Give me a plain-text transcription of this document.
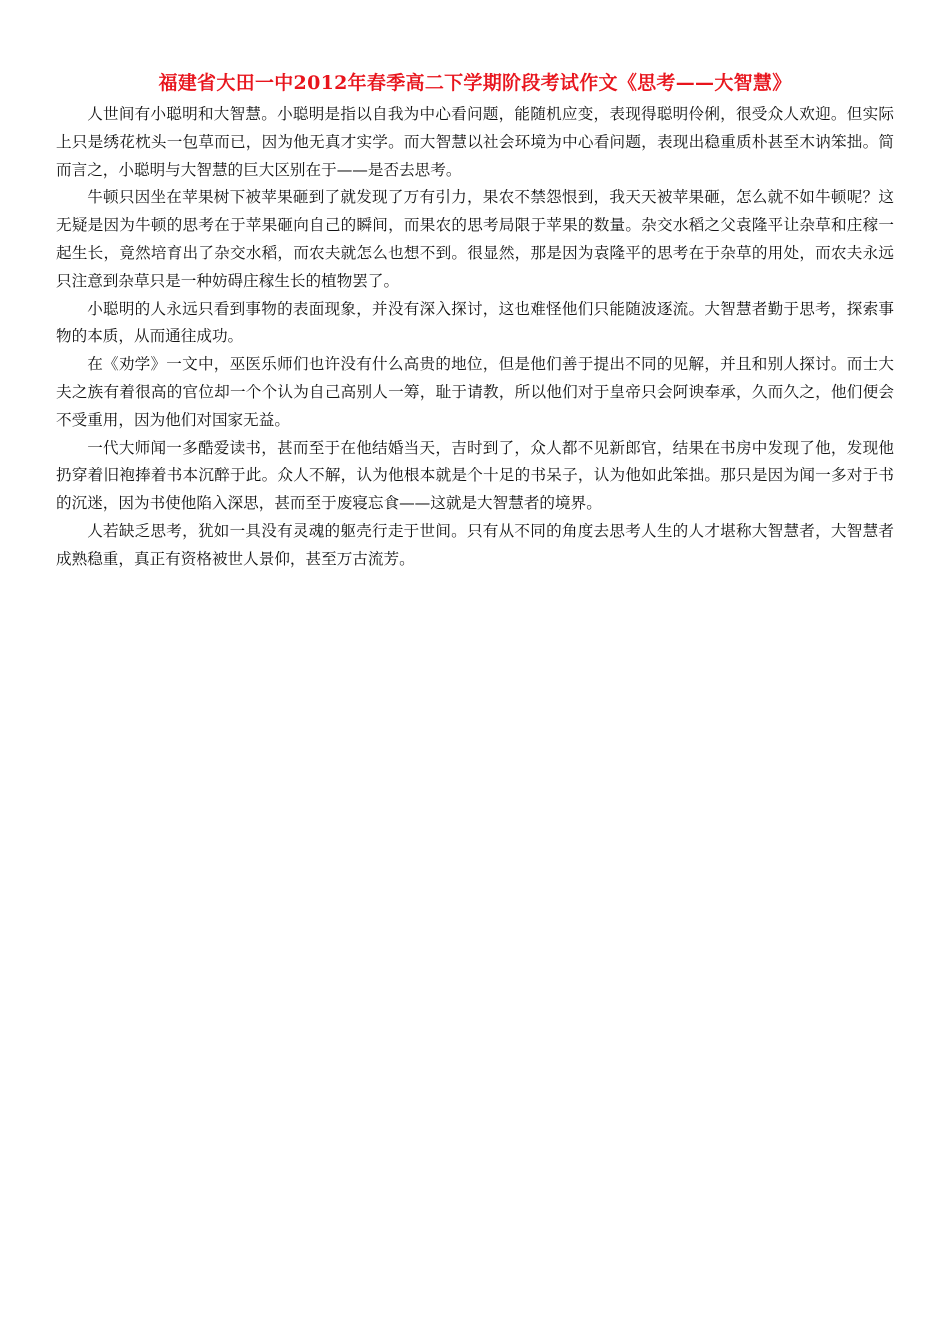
福建省大田一中2012年春季高二下学期阶段考试作文《思考——大智慧》

人世间有小聪明和大智慧。小聪明是指以自我为中心看问题，能随机应变，表现得聪明伶俐，很受众人欢迎。但实际上只是绣花枕头一包草而已，因为他无真才实学。而大智慧以社会环境为中心看问题，表现出稳重质朴甚至木讷笨拙。简而言之，小聪明与大智慧的巨大区别在于——是否去思考。

牛顿只因坐在苹果树下被苹果砸到了就发现了万有引力，果农不禁怨恨到，我天天被苹果砸，怎么就不如牛顿呢？这无疑是因为牛顿的思考在于苹果砸向自己的瞬间，而果农的思考局限于苹果的数量。杂交水稻之父袁隆平让杂草和庄稼一起生长，竟然培育出了杂交水稻，而农夫就怎么也想不到。很显然，那是因为袁隆平的思考在于杂草的用处，而农夫永远只注意到杂草只是一种妨碍庄稼生长的植物罢了。

小聪明的人永远只看到事物的表面现象，并没有深入探讨，这也难怪他们只能随波逐流。大智慧者勤于思考，探索事物的本质，从而通往成功。

在《劝学》一文中，巫医乐师们也许没有什么高贵的地位，但是他们善于提出不同的见解，并且和别人探讨。而士大夫之族有着很高的官位却一个个认为自己高别人一筹，耻于请教，所以他们对于皇帝只会阿谀奉承，久而久之，他们便会不受重用，因为他们对国家无益。

一代大师闻一多酷爱读书，甚而至于在他结婚当天，吉时到了，众人都不见新郎官，结果在书房中发现了他，发现他扔穿着旧袍捧着书本沉醉于此。众人不解，认为他根本就是个十足的书呆子，认为他如此笨拙。那只是因为闻一多对于书的沉迷，因为书使他陷入深思，甚而至于废寝忘食——这就是大智慧者的境界。

人若缺乏思考，犹如一具没有灵魂的躯壳行走于世间。只有从不同的角度去思考人生的人才堪称大智慧者，大智慧者成熟稳重，真正有资格被世人景仰，甚至万古流芳。
